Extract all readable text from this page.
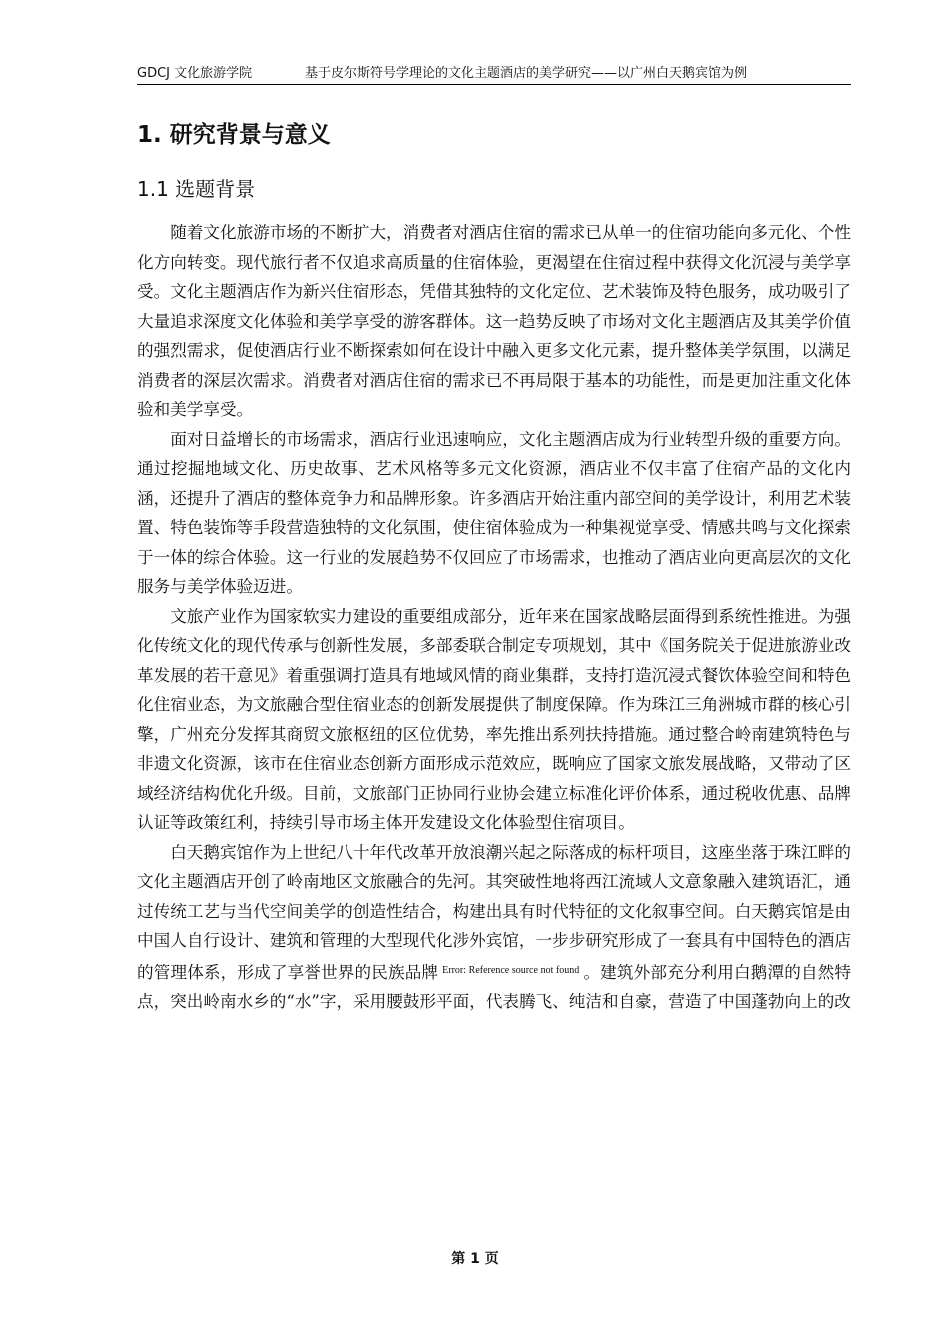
GDCJ 文化旅游学院	基于皮尔斯符号学理论的文化主题酒店的美学研究——以广州白天鹅宾馆为例
1. 研究背景与意义
1.1 选题背景

随着文化旅游市场的不断扩大，消费者对酒店住宿的需求已从单一的住宿功能向多元化、个性化方向转变。现代旅行者不仅追求高质量的住宿体验，更渴望在住宿过程中获得文化沉浸与美学享受。文化主题酒店作为新兴住宿形态，凭借其独特的文化定位、艺术装饰及特色服务，成功吸引了大量追求深度文化体验和美学享受的游客群体。这一趋势反映了市场对文化主题酒店及其美学价值的强烈需求，促使酒店行业不断探索如何在设计中融入更多文化元素，提升整体美学氛围，以满足消费者的深层次需求。消费者对酒店住宿的需求已不再局限于基本的功能性，而是更加注重文化体验和美学享受。

面对日益增长的市场需求，酒店行业迅速响应，文化主题酒店成为行业转型升级的重要方向。通过挖掘地域文化、历史故事、艺术风格等多元文化资源，酒店业不仅丰富了住宿产品的文化内涵，还提升了酒店的整体竞争力和品牌形象。许多酒店开始注重内部空间的美学设计，利用艺术装置、特色装饰等手段营造独特的文化氛围，使住宿体验成为一种集视觉享受、情感共鸣与文化探索于一体的综合体验。这一行业的发展趋势不仅回应了市场需求，也推动了酒店业向更高层次的文化服务与美学体验迈进。

文旅产业作为国家软实力建设的重要组成部分，近年来在国家战略层面得到系统性推进。为强化传统文化的现代传承与创新性发展，多部委联合制定专项规划，其中《国务院关于促进旅游业改革发展的若干意见》着重强调打造具有地域风情的商业集群，支持打造沉浸式餐饮体验空间和特色化住宿业态，为文旅融合型住宿业态的创新发展提供了制度保障。作为珠江三角洲城市群的核心引擎，广州充分发挥其商贸文旅枢纽的区位优势，率先推出系列扶持措施。通过整合岭南建筑特色与非遗文化资源，该市在住宿业态创新方面形成示范效应，既响应了国家文旅发展战略，又带动了区域经济结构优化升级。目前，文旅部门正协同行业协会建立标准化评价体系，通过税收优惠、品牌认证等政策红利，持续引导市场主体开发建设文化体验型住宿项目。

白天鹅宾馆作为上世纪八十年代改革开放浪潮兴起之际落成的标杆项目，这座坐落于珠江畔的文化主题酒店开创了岭南地区文旅融合的先河。其突破性地将西江流域人文意象融入建筑语汇，通过传统工艺与当代空间美学的创造性结合，构建出具有时代特征的文化叙事空间。白天鹅宾馆是由中国人自行设计、建筑和管理的大型现代化涉外宾馆，一步步研究形成了一套具有中国特色的酒店的管理体系，形成了享誉世界的民族品牌 $^{Error: Reference source not found}$ 。建筑外部充分利用白鹅潭的自然特点，突出岭南水乡的“水”字，采用腰鼓形平面，代表腾飞、纯洁和自豪，营造了中国蓬勃向上的改

第 1 页
